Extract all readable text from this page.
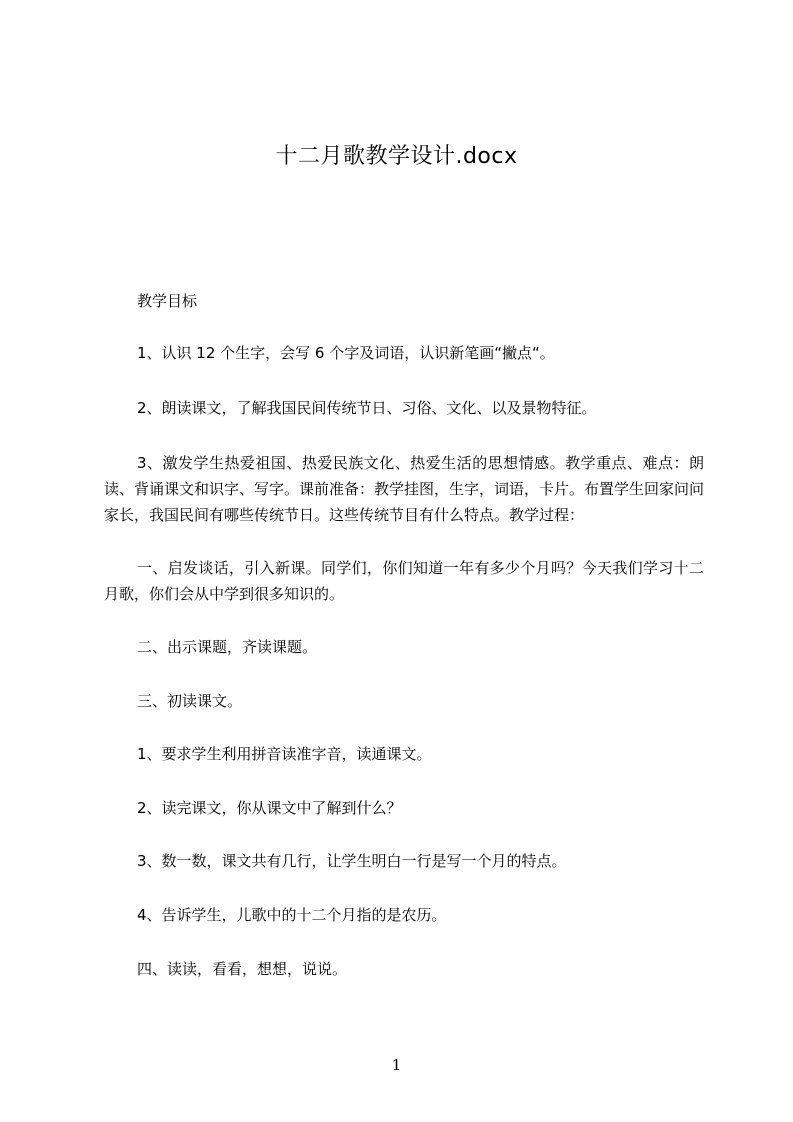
十二月歌教学设计.docx

教学目标

1、认识 12 个生字，会写 6 个字及词语，认识新笔画“撇点“。

2、朗读课文，了解我国民间传统节日、习俗、文化、以及景物特征。

3、激发学生热爱祖国、热爱民族文化、热爱生活的思想情感。教学重点、难点：朗读、背诵课文和识字、写字。课前准备：教学挂图，生字，词语，卡片。布置学生回家问问家长，我国民间有哪些传统节日。这些传统节目有什么特点。教学过程：

一、启发谈话，引入新课。同学们，你们知道一年有多少个月吗？今天我们学习十二月歌，你们会从中学到很多知识的。

二、出示课题，齐读课题。

三、初读课文。

1、要求学生利用拼音读准字音，读通课文。

2、读完课文，你从课文中了解到什么？

3、数一数，课文共有几行，让学生明白一行是写一个月的特点。

4、告诉学生，儿歌中的十二个月指的是农历。

四、读读，看看，想想，说说。

1
